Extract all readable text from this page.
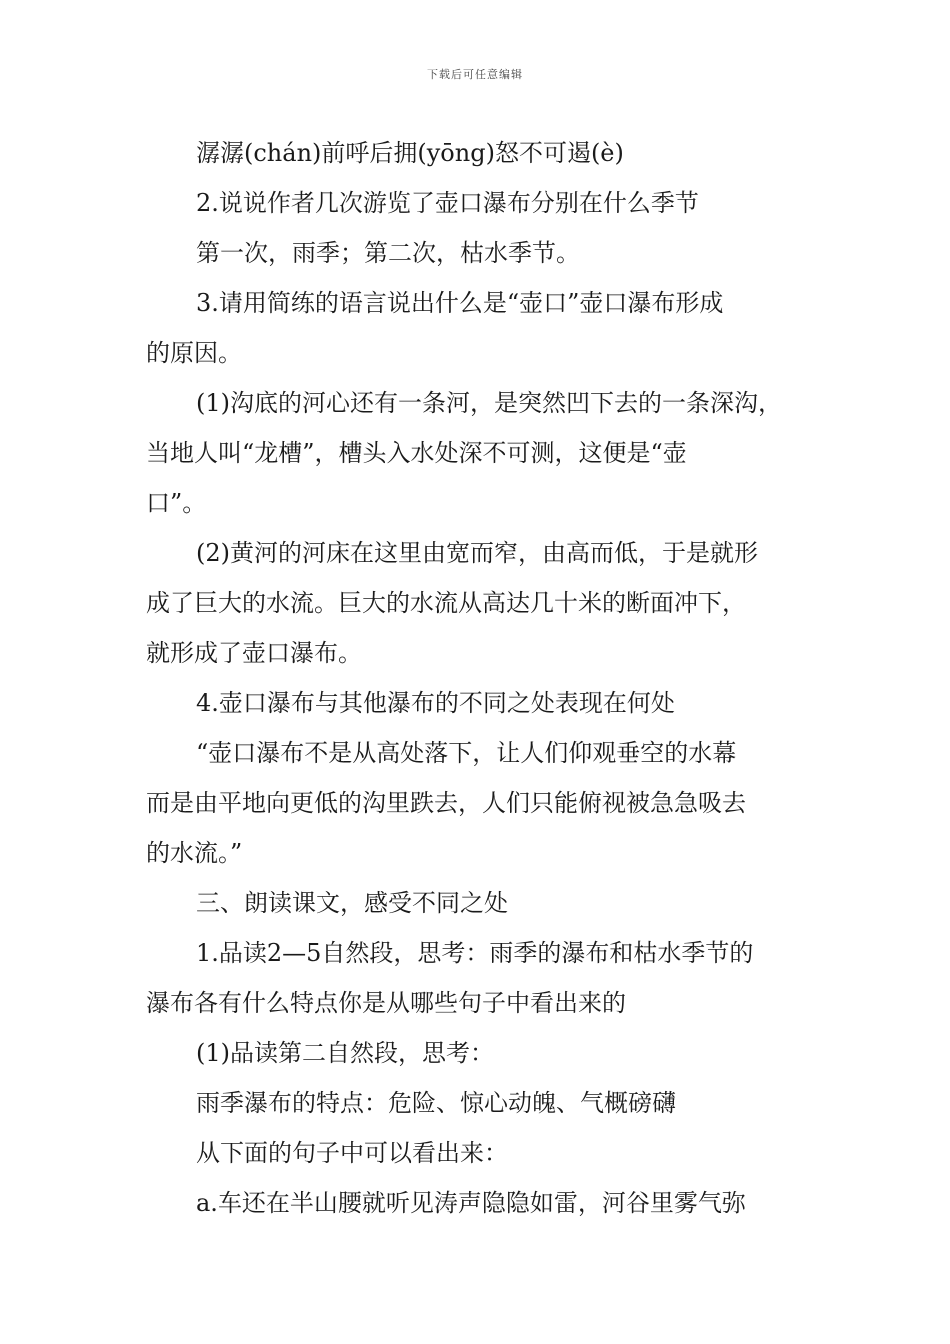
下载后可任意编辑
潺潺(chán)前呼后拥(yōng)怒不可遏(è)
2.说说作者几次游览了壶口瀑布分别在什么季节
第一次，雨季；第二次，枯水季节。
3.请用简练的语言说出什么是“壶口”壶口瀑布形成
的原因。
(1)沟底的河心还有一条河，是突然凹下去的一条深沟，
当地人叫“龙槽”，槽头入水处深不可测，这便是“壶
口”。
(2)黄河的河床在这里由宽而窄，由高而低，于是就形
成了巨大的水流。巨大的水流从高达几十米的断面冲下，
就形成了壶口瀑布。
4.壶口瀑布与其他瀑布的不同之处表现在何处
“壶口瀑布不是从高处落下，让人们仰观垂空的水幕
而是由平地向更低的沟里跌去，人们只能俯视被急急吸去
的水流。”
三、朗读课文，感受不同之处
1.品读2—5自然段，思考：雨季的瀑布和枯水季节的
瀑布各有什么特点你是从哪些句子中看出来的
(1)品读第二自然段，思考：
雨季瀑布的特点：危险、惊心动魄、气概磅礴
从下面的句子中可以看出来：
a.车还在半山腰就听见涛声隐隐如雷，河谷里雾气弥
